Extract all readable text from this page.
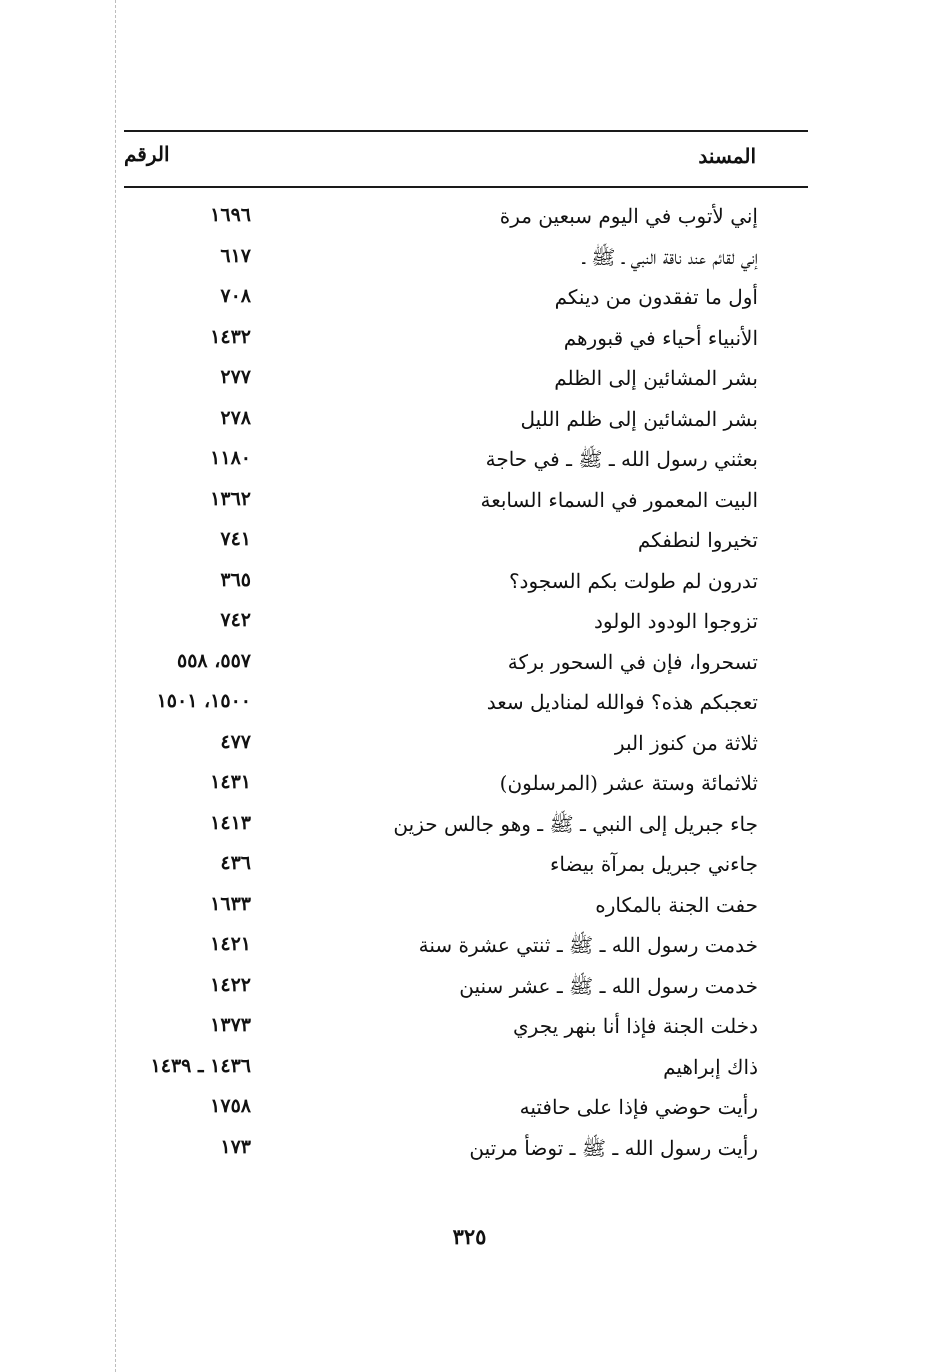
المسند
الرقم
إني لأتوب في اليوم سبعين مرة
١٦٩٦
إني لقائم عند ناقة النبي ـ ﷺ ـ
٦١٧
أول ما تفقدون من دينكم
٧٠٨
الأنبياء أحياء في قبورهم
١٤٣٢
بشر المشائين إلى الظلم
٢٧٧
بشر المشائين إلى ظلم الليل
٢٧٨
بعثني رسول الله ـ ﷺ ـ في حاجة
١١٨٠
البيت المعمور في السماء السابعة
١٣٦٢
تخيروا لنطفكم
٧٤١
تدرون لم طولت بكم السجود؟
٣٦٥
تزوجوا الودود الولود
٧٤٢
تسحروا، فإن في السحور بركة
٥٥٧، ٥٥٨
تعجبكم هذه؟ فوالله لمناديل سعد
١٥٠٠، ١٥٠١
ثلاثة من كنوز البر
٤٧٧
ثلاثمائة وستة عشر (المرسلون)
١٤٣١
جاء جبريل إلى النبي ـ ﷺ ـ وهو جالس حزين
١٤١٣
جاءني جبريل بمرآة بيضاء
٤٣٦
حفت الجنة بالمكاره
١٦٣٣
خدمت رسول الله ـ ﷺ ـ ثنتي عشرة سنة
١٤٢١
خدمت رسول الله ـ ﷺ ـ عشر سنين
١٤٢٢
دخلت الجنة فإذا أنا بنهر يجري
١٣٧٣
ذاك إبراهيم
١٤٣٦ ـ ١٤٣٩
رأيت حوضي فإذا على حافتيه
١٧٥٨
رأيت رسول الله ـ ﷺ ـ توضأ مرتين
١٧٣
٣٢٥
